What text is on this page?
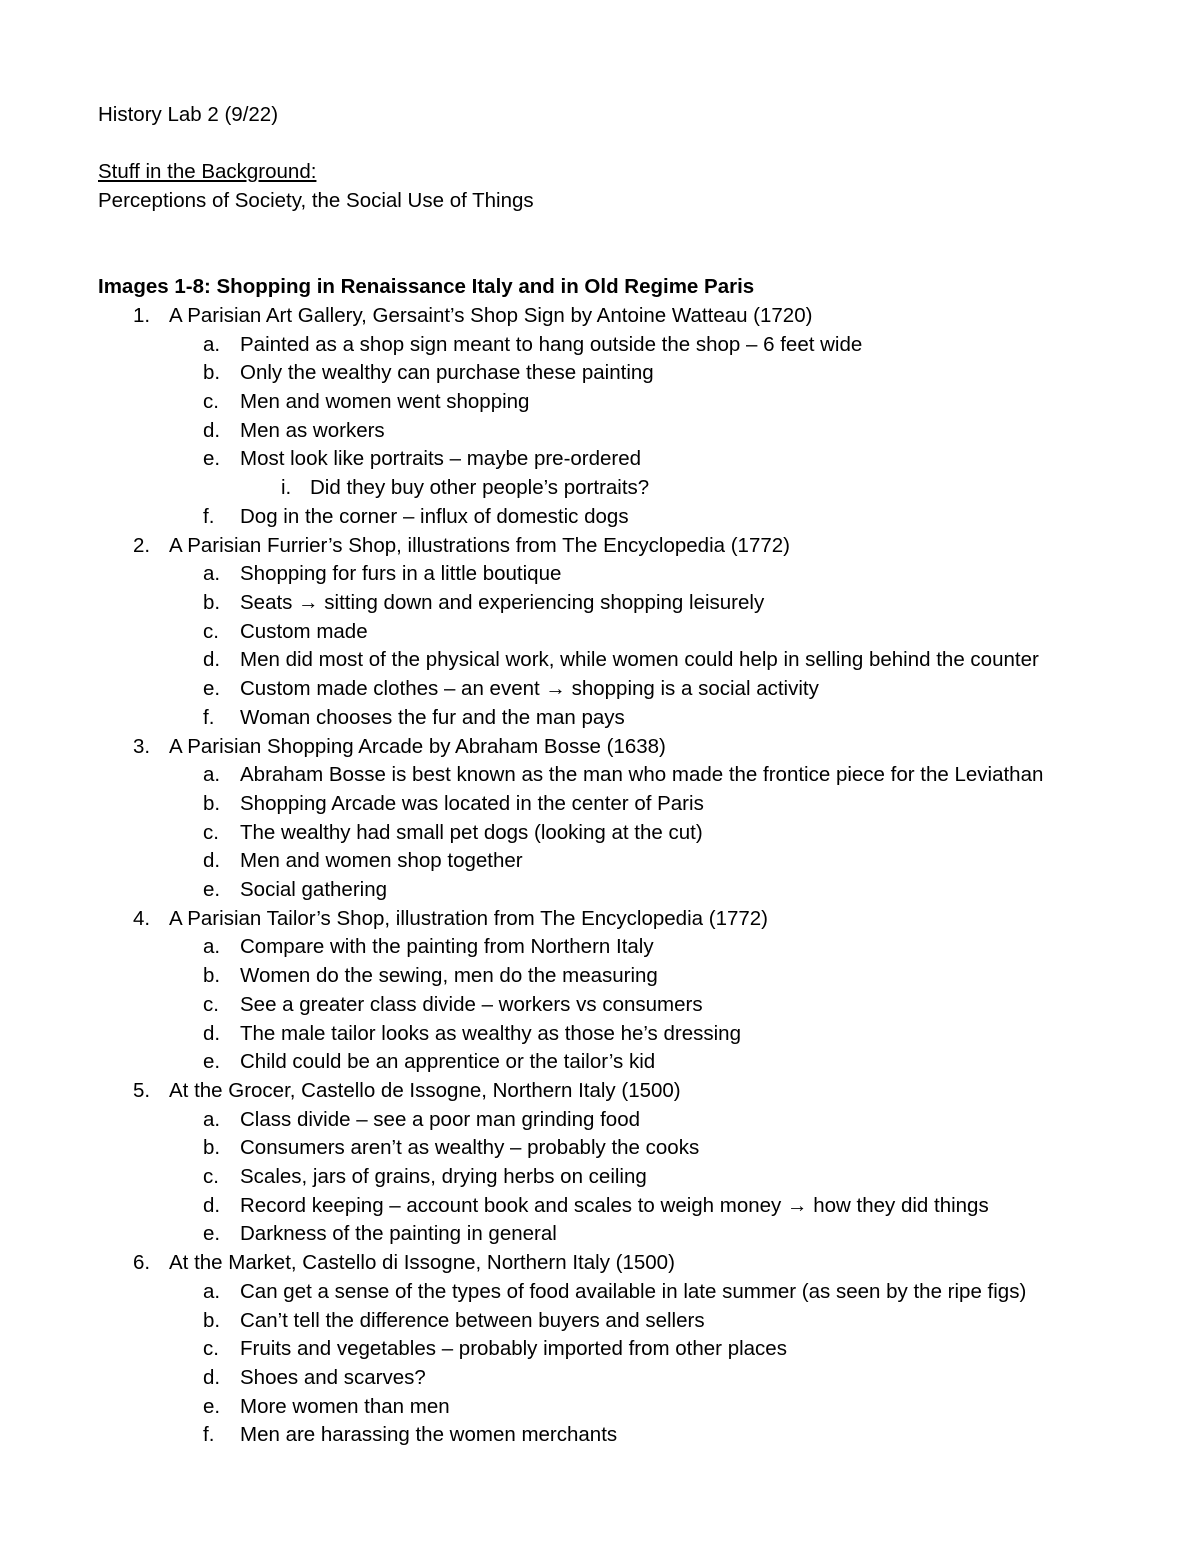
History Lab 2 (9/22)
Stuff in the Background:
Perceptions of Society, the Social Use of Things
Images 1-8: Shopping in Renaissance Italy and in Old Regime Paris
1. A Parisian Art Gallery, Gersaint’s Shop Sign by Antoine Watteau (1720)
a. Painted as a shop sign meant to hang outside the shop – 6 feet wide
b. Only the wealthy can purchase these painting
c. Men and women went shopping
d. Men as workers
e. Most look like portraits – maybe pre-ordered
i. Did they buy other people’s portraits?
f. Dog in the corner – influx of domestic dogs
2. A Parisian Furrier’s Shop, illustrations from The Encyclopedia (1772)
a. Shopping for furs in a little boutique
b. Seats → sitting down and experiencing shopping leisurely
c. Custom made
d. Men did most of the physical work, while women could help in selling behind the counter
e. Custom made clothes – an event → shopping is a social activity
f. Woman chooses the fur and the man pays
3. A Parisian Shopping Arcade by Abraham Bosse (1638)
a. Abraham Bosse is best known as the man who made the frontice piece for the Leviathan
b. Shopping Arcade was located in the center of Paris
c. The wealthy had small pet dogs (looking at the cut)
d. Men and women shop together
e. Social gathering
4. A Parisian Tailor’s Shop, illustration from The Encyclopedia (1772)
a. Compare with the painting from Northern Italy
b. Women do the sewing, men do the measuring
c. See a greater class divide – workers vs consumers
d. The male tailor looks as wealthy as those he’s dressing
e. Child could be an apprentice or the tailor’s kid
5. At the Grocer, Castello de Issogne, Northern Italy (1500)
a. Class divide – see a poor man grinding food
b. Consumers aren’t as wealthy – probably the cooks
c. Scales, jars of grains, drying herbs on ceiling
d. Record keeping – account book and scales to weigh money → how they did things
e. Darkness of the painting in general
6. At the Market, Castello di Issogne, Northern Italy (1500)
a. Can get a sense of the types of food available in late summer (as seen by the ripe figs)
b. Can’t tell the difference between buyers and sellers
c. Fruits and vegetables – probably imported from other places
d. Shoes and scarves?
e. More women than men
f. Men are harassing the women merchants
